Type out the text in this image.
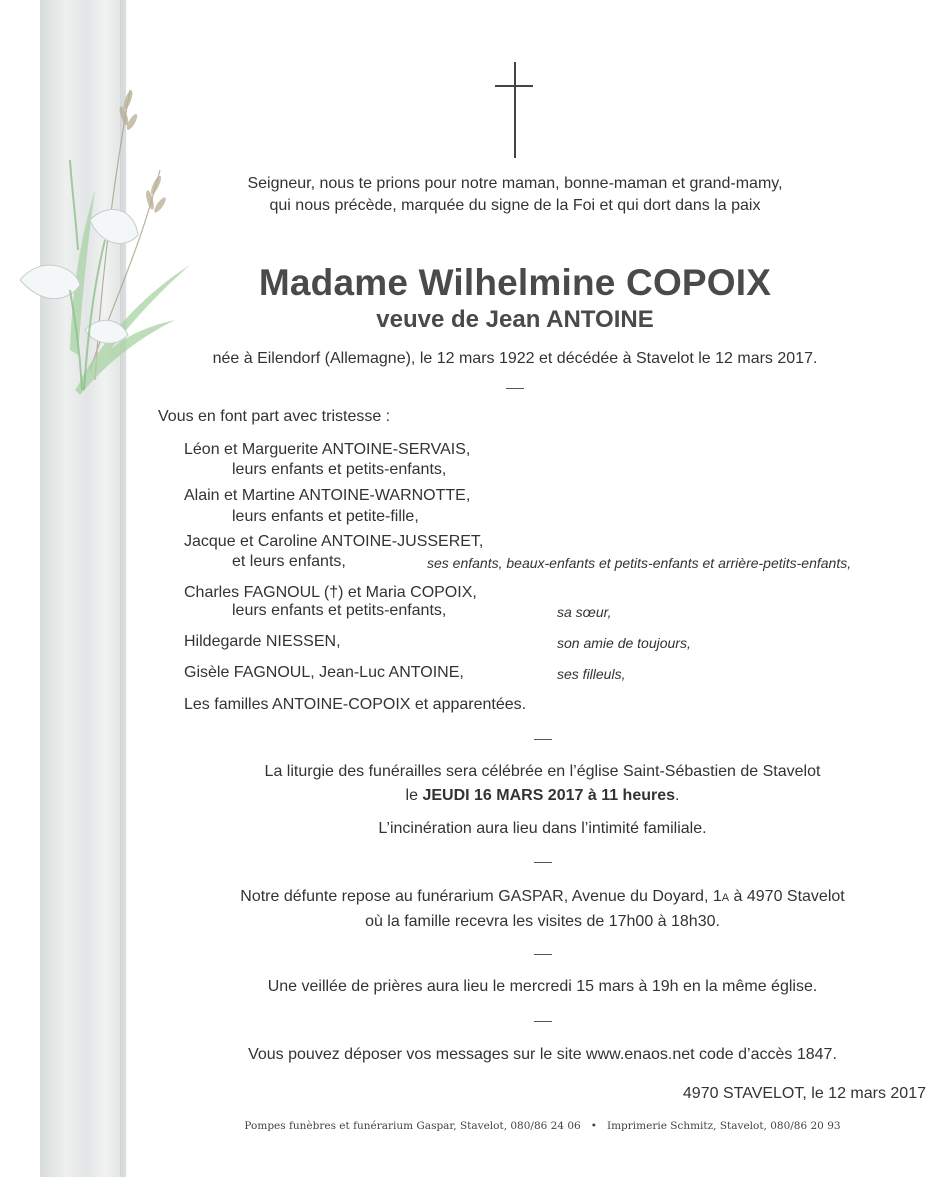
Seigneur, nous te prions pour notre maman, bonne-maman et grand-mamy,
qui nous précède, marquée du signe de la Foi et qui dort dans la paix
Madame Wilhelmine COPOIX
veuve de Jean ANTOINE
née à Eilendorf (Allemagne), le 12 mars 1922 et décédée à Stavelot le 12 mars 2017.
Vous en font part avec tristesse :
Léon et Marguerite ANTOINE-SERVAIS,
leurs enfants et petits-enfants,
Alain et Martine ANTOINE-WARNOTTE,
leurs enfants et petite-fille,
Jacque et Caroline ANTOINE-JUSSERET,
et leurs enfants,	ses enfants, beaux-enfants et petits-enfants et arrière-petits-enfants,
Charles FAGNOUL (†) et Maria COPOIX,
leurs enfants et petits-enfants,	sa sœur,
Hildegarde NIESSEN,	son amie de toujours,
Gisèle FAGNOUL, Jean-Luc ANTOINE,	ses filleuls,
Les familles ANTOINE-COPOIX et apparentées.
La liturgie des funérailles sera célébrée en l’église Saint-Sébastien de Stavelot
le JEUDI 16 MARS 2017 à 11 heures.
L’incinération aura lieu dans l’intimité familiale.
Notre défunte repose au funérarium GASPAR, Avenue du Doyard, 1A à 4970 Stavelot
où la famille recevra les visites de 17h00 à 18h30.
Une veillée de prières aura lieu le mercredi 15 mars à 19h en la même église.
Vous pouvez déposer vos messages sur le site www.enaos.net code d’accès 1847.
4970 STAVELOT, le 12 mars 2017
Pompes funèbres et funérarium Gaspar, Stavelot, 080/86 24 06 • Imprimerie Schmitz, Stavelot, 080/86 20 93
